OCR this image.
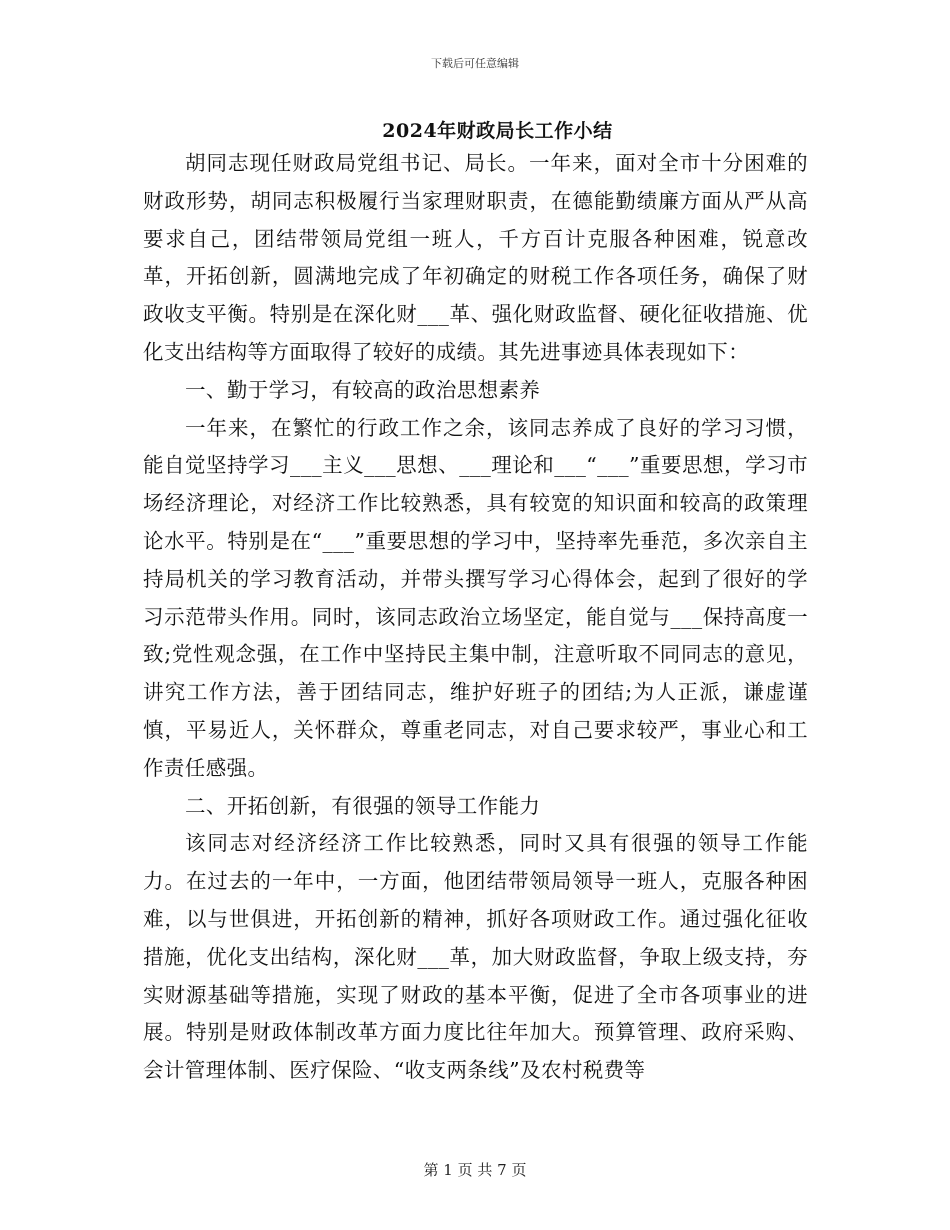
下载后可任意编辑
2024年财政局长工作小结

胡同志现任财政局党组书记、局长。一年来，面对全市十分困难的财政形势，胡同志积极履行当家理财职责，在德能勤绩廉方面从严从高要求自己，团结带领局党组一班人，千方百计克服各种困难，锐意改革，开拓创新，圆满地完成了年初确定的财税工作各项任务，确保了财政收支平衡。特别是在深化财___革、强化财政监督、硬化征收措施、优化支出结构等方面取得了较好的成绩。其先进事迹具体表现如下：

一、勤于学习，有较高的政治思想素养

一年来，在繁忙的行政工作之余，该同志养成了良好的学习习惯，能自觉坚持学习___主义___思想、___理论和___“___”重要思想，学习市场经济理论，对经济工作比较熟悉，具有较宽的知识面和较高的政策理论水平。特别是在“___”重要思想的学习中，坚持率先垂范，多次亲自主持局机关的学习教育活动，并带头撰写学习心得体会，起到了很好的学习示范带头作用。同时，该同志政治立场坚定，能自觉与___保持高度一致;党性观念强，在工作中坚持民主集中制，注意听取不同同志的意见，讲究工作方法，善于团结同志，维护好班子的团结;为人正派，谦虚谨慎，平易近人，关怀群众，尊重老同志，对自己要求较严，事业心和工作责任感强。

二、开拓创新，有很强的领导工作能力

该同志对经济经济工作比较熟悉，同时又具有很强的领导工作能力。在过去的一年中，一方面，他团结带领局领导一班人，克服各种困难，以与世俱进，开拓创新的精神，抓好各项财政工作。通过强化征收措施，优化支出结构，深化财___革，加大财政监督，争取上级支持，夯实财源基础等措施，实现了财政的基本平衡，促进了全市各项事业的进展。特别是财政体制改革方面力度比往年加大。预算管理、政府采购、会计管理体制、医疗保险、“收支两条线”及农村税费等

第 1 页 共 7 页
